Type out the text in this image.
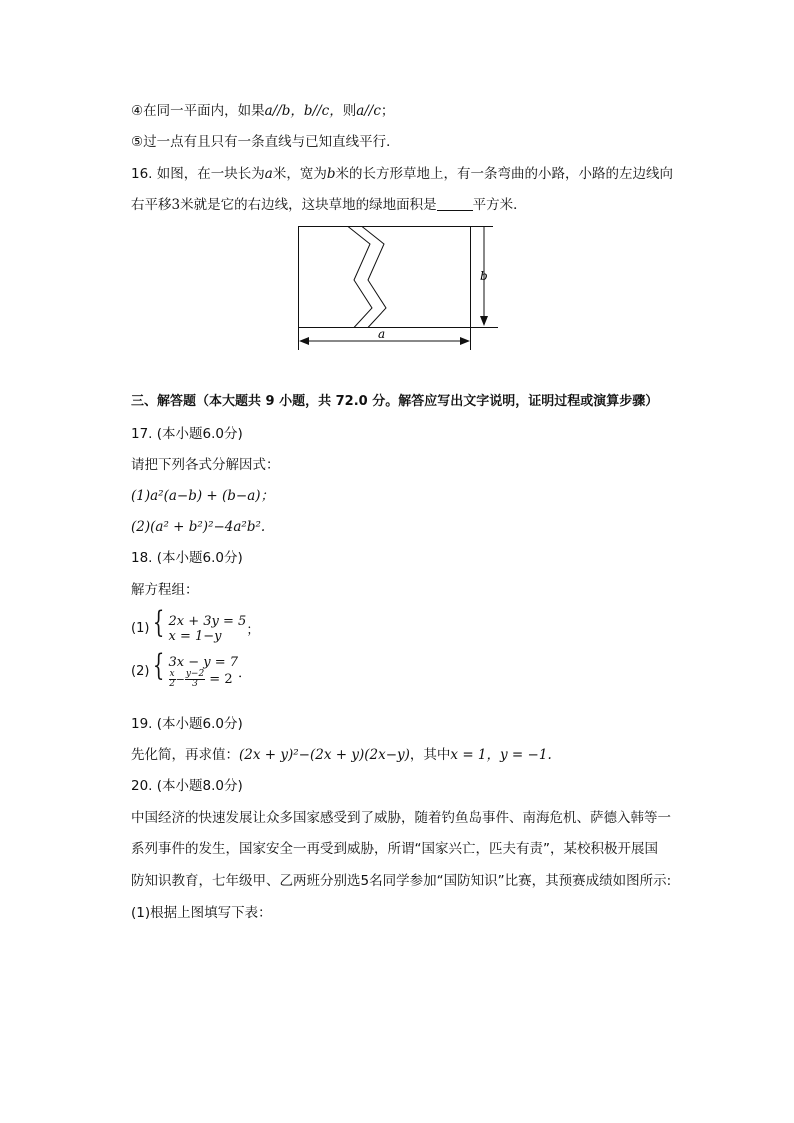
④在同一平面内，如果a//b，b//c，则a//c；
⑤过一点有且只有一条直线与已知直线平行．
16. 如图，在一块长为a米，宽为b米的长方形草地上，有一条弯曲的小路，小路的左边线向
右平移3米就是它的右边线，这块草地的绿地面积是	平方米．
b
a
三、解答题（本大题共 9 小题，共 72.0 分。解答应写出文字说明，证明过程或演算步骤）
17. (本小题6.0分)
请把下列各式分解因式：
(1)a²(a−b) + (b−a)；
(2)(a² + b²)²−4a²b².
18. (本小题6.0分)
解方程组：
(1) { 2x + 3y = 5
x = 1−y ；
(2) { 3x − y = 7

$\frac{x}{2} - \frac{y-2}{3} = 2$ ．
19. (本小题6.0分)
先化简，再求值：(2x + y)²−(2x + y)(2x−y)，其中x = 1，y = −1.
20. (本小题8.0分)
中国经济的快速发展让众多国家感受到了威胁，随着钓鱼岛事件、南海危机、萨德入韩等一
系列事件的发生，国家安全一再受到威胁，所谓“国家兴亡，匹夫有责”，某校积极开展国
防知识教育，七年级甲、乙两班分别选5名同学参加“国防知识”比赛，其预赛成绩如图所示:
(1)根据上图填写下表：
